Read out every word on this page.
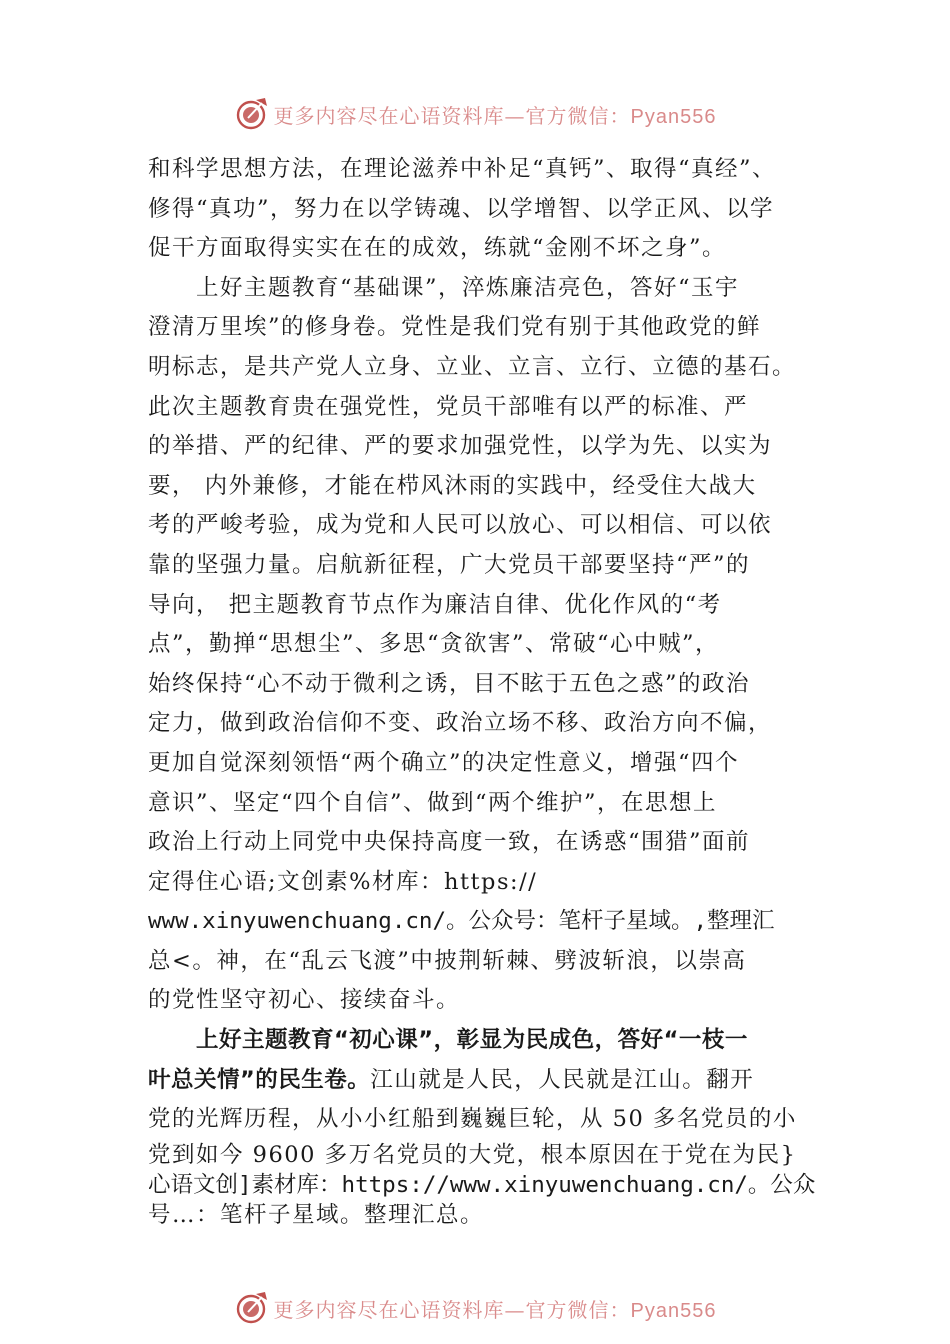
更多内容尽在心语资料库—官方微信：Pyan556
和科学思想方法，在理论滋养中补足“真钙”、取得“真经”、
修得“真功”，努力在以学铸魂、以学增智、以学正风、以学
促干方面取得实实在在的成效，练就“金刚不坏之身”。
上好主题教育“基础课”，淬炼廉洁亮色，答好“玉宇
澄清万里埃”的修身卷。党性是我们党有别于其他政党的鲜
明标志，是共产党人立身、立业、立言、立行、立德的基石。
此次主题教育贵在强党性，党员干部唯有以严的标准、严
的举措、严的纪律、严的要求加强党性，以学为先、以实为
要， 内外兼修，才能在栉风沐雨的实践中，经受住大战大
考的严峻考验，成为党和人民可以放心、可以相信、可以依
靠的坚强力量。启航新征程，广大党员干部要坚持“严”的
导向， 把主题教育节点作为廉洁自律、优化作风的“考
点”，勤掸“思想尘”、多思“贪欲害”、常破“心中贼”，
始终保持“心不动于微利之诱，目不眩于五色之惑”的政治
定力，做到政治信仰不变、政治立场不移、政治方向不偏，
更加自觉深刻领悟“两个确立”的决定性意义，增强“四个
意识”、坚定“四个自信”、做到“两个维护”，在思想上
政治上行动上同党中央保持高度一致，在诱惑“围猎”面前
定得住心语;文创素%材库：https://
www.xinyuwenchuang.cn/。公众号：笔杆子星域。,整理汇
总<。神，在“乱云飞渡”中披荆斩棘、劈波斩浪，以崇高
的党性坚守初心、接续奋斗。
上好主题教育“初心课”，彰显为民成色，答好“一枝一
叶总关情”的民生卷。江山就是人民，人民就是江山。翻开
党的光辉历程，从小小红船到巍巍巨轮，从 50 多名党员的小
党到如今 9600 多万名党员的大党，根本原因在于党在为民}
心语文创]素材库：https://www.xinyuwenchuang.cn/。公众
号…：笔杆子星域。整理汇总。
更多内容尽在心语资料库—官方微信：Pyan556
